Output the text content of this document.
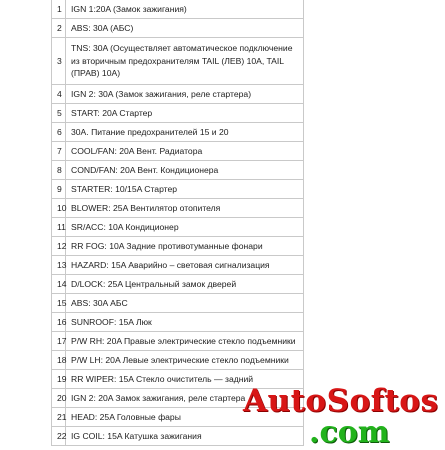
1	IGN 1:20A (Замок зажигания)
2	ABS: 30A (АБС)
3	TNS: 30A (Осуществляет автоматическое подключение из вторичным предохранителям TAIL (ЛЕВ) 10A, TAIL (ПРАВ) 10A)
4	IGN 2: 30A (Замок зажигания, реле стартера)
5	START: 20A Стартер
6	30A. Питание предохранителей 15 и 20
7	COOL/FAN: 20A Вент. Радиатора
8	COND/FAN: 20A Вент. Кондиционера
9	STARTER: 10/15A Стартер
10	BLOWER: 25A Вентилятор отопителя
11	SR/ACC: 10A Кондиционер
12	RR FOG: 10A Задние противотуманные фонари
13	HAZARD: 15A Аварийно – световая сигнализация
14	D/LOCK: 25A Центральный замок дверей
15	ABS: 30A АБС
16	SUNROOF: 15A Люк
17	P/W RH: 20A Правые электрические стекло подъемники
18	P/W LH: 20A Левые электрические стекло подъемники
19	RR WIPER: 15A Стекло очиститель — задний
20	IGN 2: 20A Замок зажигания, реле стартера
21	HEAD: 25A Головные фары
22	IG COIL: 15A Катушка зажигания
AutoSoftos
.com
